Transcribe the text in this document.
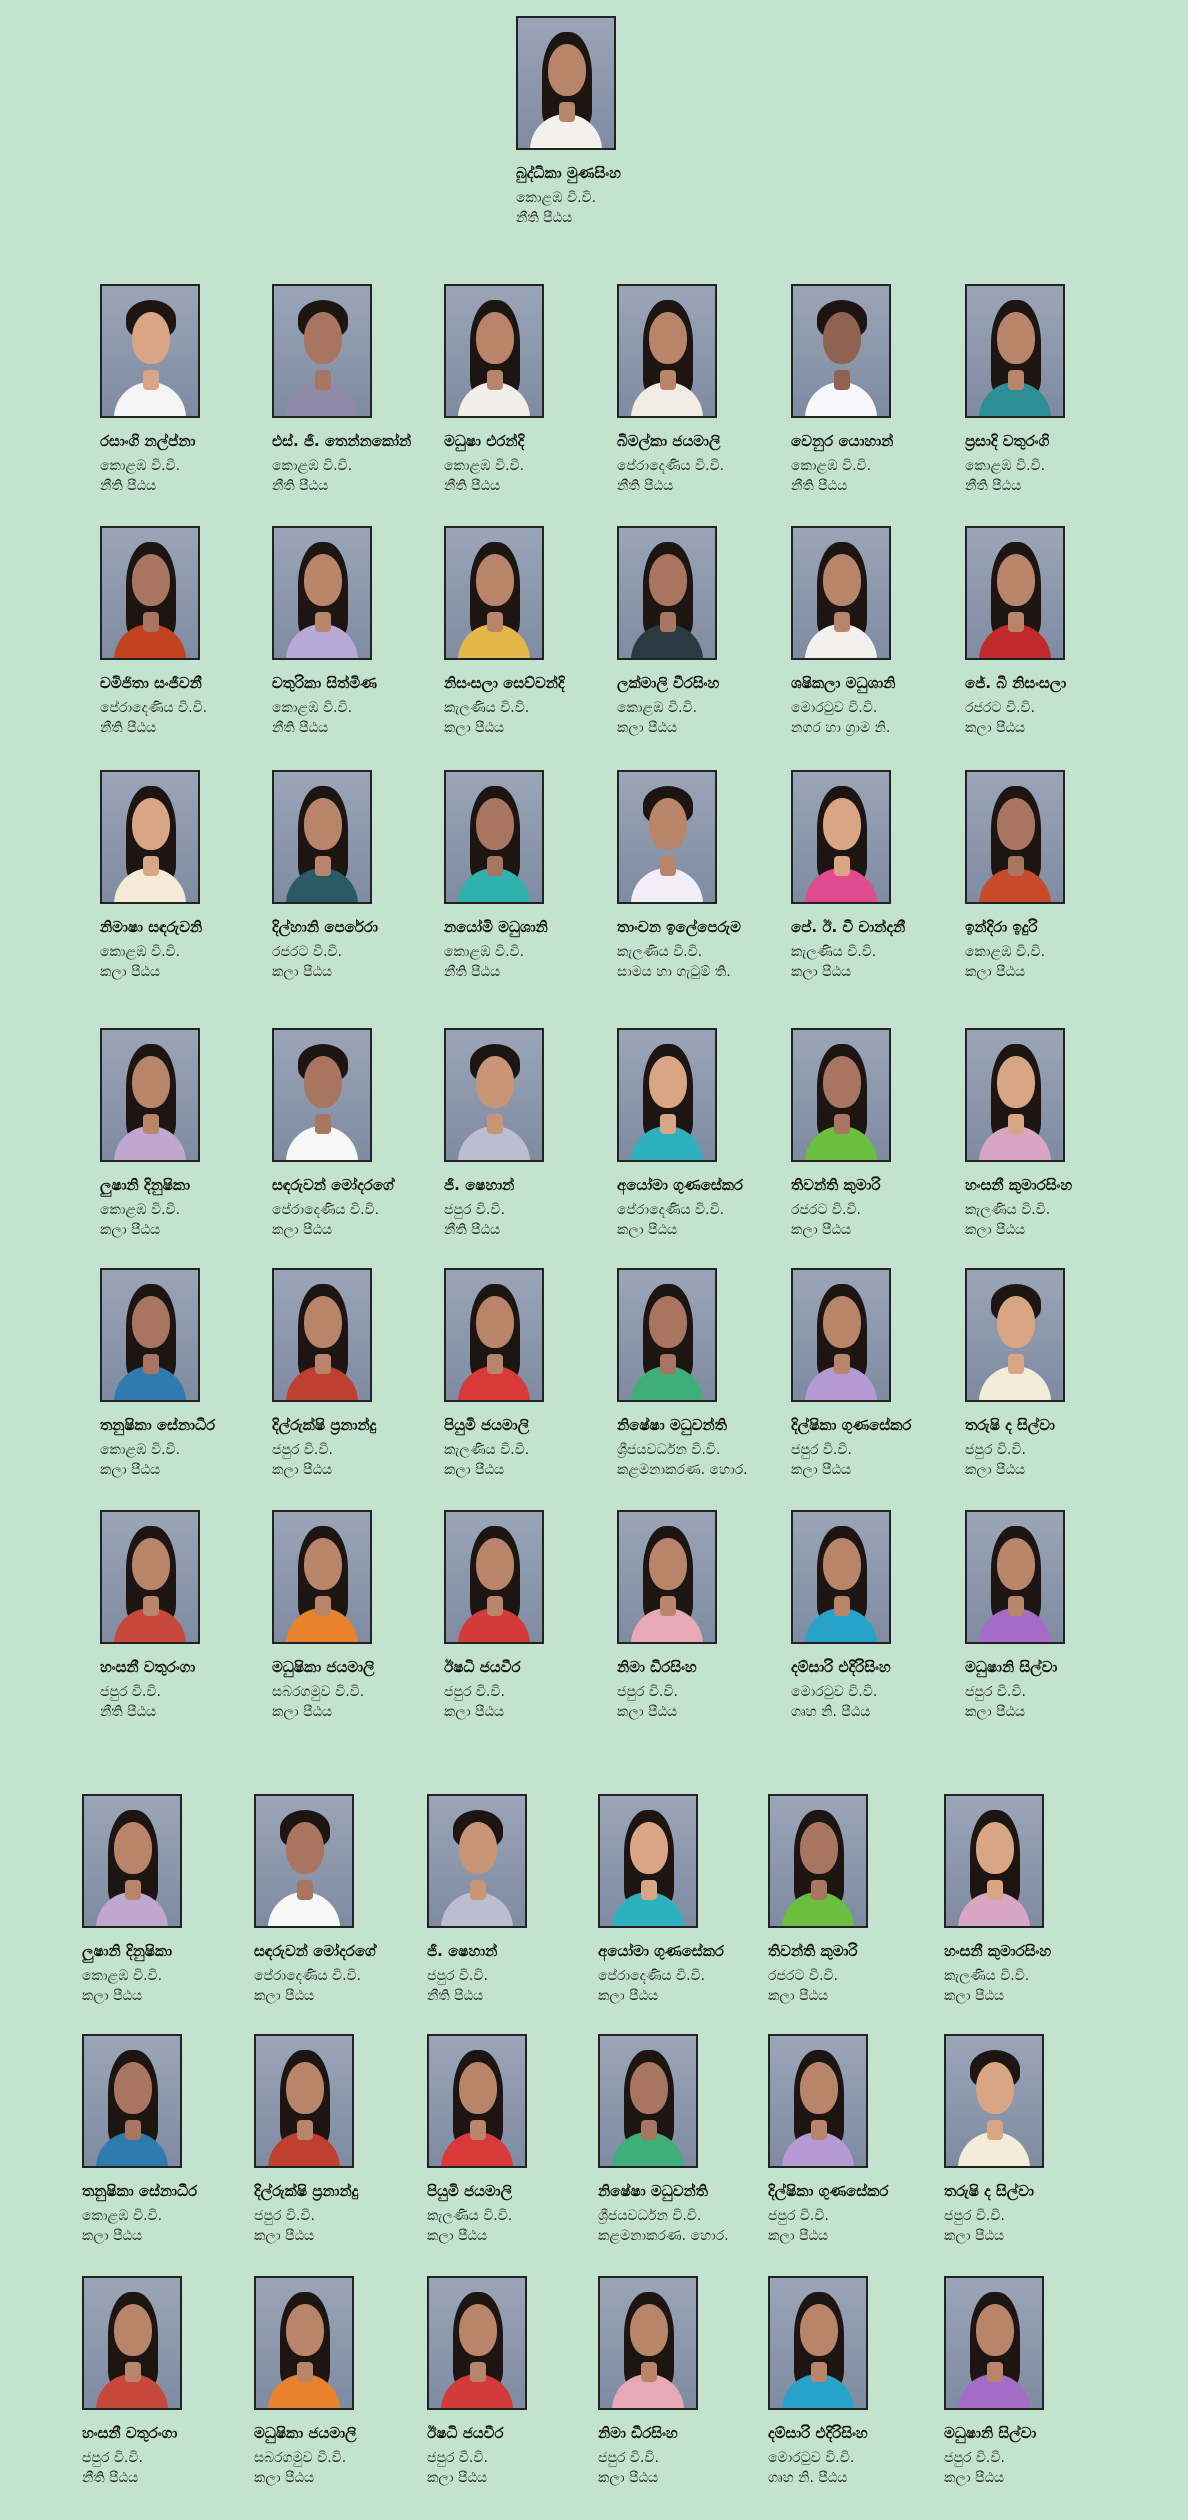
බුද්ධිකා මුණසිංහ
කොළඹ වි.වි.
නීති පීඨය
රසාංගි නල්ප්නා
කොළඹ වි.වි.
නීති පීඨය
එස්. ජී. තෙන්නකෝන්
කොළඹ වි.වි.
නීති පීඨය
මධුෂා එරන්දි
කොළඹ වි.වි.
නීති පීඨය
බිමල්කා ජයමාලි
පේරාදෙණිය වි.වි.
නීති පීඨය
වෙනුර යොහාන්
කොළඹ වි.වි.
නීති පීඨය
ප්‍රසාදි වතුරංගි
කොළඹ වි.වි.
නීති පීඨය
චමිජිතා සංජීවනී
පේරාදෙණිය වි.වි.
නීති පීඨය
චතුරිකා සිත්මිණ
කොළඹ වි.වි.
නීති පීඨය
නිසංසලා සෙව්වන්දි
කැලණිය වි.වි.
කලා පීඨය
ලක්මාලි වීරසිංහ
කොළඹ වි.වි.
කලා පීඨය
ශෂිකලා මධුශානි
මොරටුව වි.වි.
නගර හා ග්‍රාම නි.
ජේ. බී නිසංසලා
රජරට වි.වි.
කලා පීඨය
නිමාෂා සඳරුවනි
කොළඹ වි.වි.
කලා පීඨය
දිල්හානි පෙරේරා
රජරට වි.වි.
කලා පීඨය
නයෝමි මධුශානි
කොළඹ වි.වි.
නීති පීඨය
තාංචන ඉලේපෙරුම
කැලණිය වි.වි.
සාමය හා ගැටුම් ති.
පේ. ඊ. වී චාන්දනී
කැලණිය වි.වි.
කලා පීඨය
ඉන්දිරා ඉදුරි
කොළඹ වි.වි.
කලා පීඨය
ලුෂානි දිනුෂිකා
කොළඹ වි.වි.
කලා පීඨය
සඳරුවන් මෝදරගේ
පේරාදෙණිය වි.වි.
කලා පීඨය
ජී. ෂෙහාන්
ජපුර වි.වි.
නීති පීඨය
අයෝමා ගුණසේකර
පේරාදෙණිය වි.වි.
කලා පීඨය
තිවන්ති කුමාරි
රජරට වි.වි.
කලා පීඨය
හංසනී කුමාරසිංහ
කැලණිය වි.වි.
කලා පීඨය
තනුෂිකා සේනාධීර
කොළඹ වි.වි.
කලා පීඨය
දිල්රුක්ෂි ප්‍රනාන්දු
ජපුර වි.වි.
කලා පීඨය
පියුමි ජයමාලි
කැලණිය වි.වි.
කලා පීඨය
නිෂේෂා මධුවන්ති
ශ්‍රීජයවර්ධන වි.වි.
කළමනාකරණ. හොර.
දිල්ෂිකා ගුණසේකර
ජපුර වි.වි.
කලා පීඨය
තරුෂි ද සිල්වා
ජපුර වි.වි.
කලා පීඨය
හංසනී වතුරංගා
ජපුර වි.වි.
නීති පීඨය
මධුෂිකා ජයමාලි
සබරගමුව වි.වි.
කලා පීඨය
ඊෂධි ජයවීර
ජපුර වි.වි.
කලා පීඨය
නිමා ඩීරසිංහ
ජපුර වි.වි.
කලා පීඨය
දම්සාරි එදිරිසිංහ
මොරටුව වි.වි.
ගෘහ නි. පීඨය
මධුෂානි සිල්වා
ජපුර වි.වි.
කලා පීඨය
ලුෂානි දිනුෂිකා
කොළඹ වි.වි.
කලා පීඨය
සඳරුවන් මෝදරගේ
පේරාදෙණිය වි.වි.
කලා පීඨය
ජී. ෂෙහාන්
ජපුර වි.වි.
නීති පීඨය
අයෝමා ගුණසේකර
පේරාදෙණිය වි.වි.
කලා පීඨය
තිවන්ති කුමාරි
රජරට වි.වි.
කලා පීඨය
හංසනී කුමාරසිංහ
කැලණිය වි.වි.
කලා පීඨය
තනුෂිකා සේනාධීර
කොළඹ වි.වි.
කලා පීඨය
දිල්රුක්ෂි ප්‍රනාන්දු
ජපුර වි.වි.
කලා පීඨය
පියුමි ජයමාලි
කැලණිය වි.වි.
කලා පීඨය
නිෂේෂා මධුවන්ති
ශ්‍රීජයවර්ධන වි.වි.
කළමනාකරණ. හොර.
දිල්ෂිකා ගුණසේකර
ජපුර වි.වි.
කලා පීඨය
තරුෂි ද සිල්වා
ජපුර වි.වි.
කලා පීඨය
හංසනී වතුරංගා
ජපුර වි.වි.
නීති පීඨය
මධුෂිකා ජයමාලි
සබරගමුව වි.වි.
කලා පීඨය
ඊෂධි ජයවීර
ජපුර වි.වි.
කලා පීඨය
නිමා ඩීරසිංහ
ජපුර වි.වි.
කලා පීඨය
දම්සාරි එදිරිසිංහ
මොරටුව වි.වි.
ගෘහ නි. පීඨය
මධුෂානි සිල්වා
ජපුර වි.වි.
කලා පීඨය
